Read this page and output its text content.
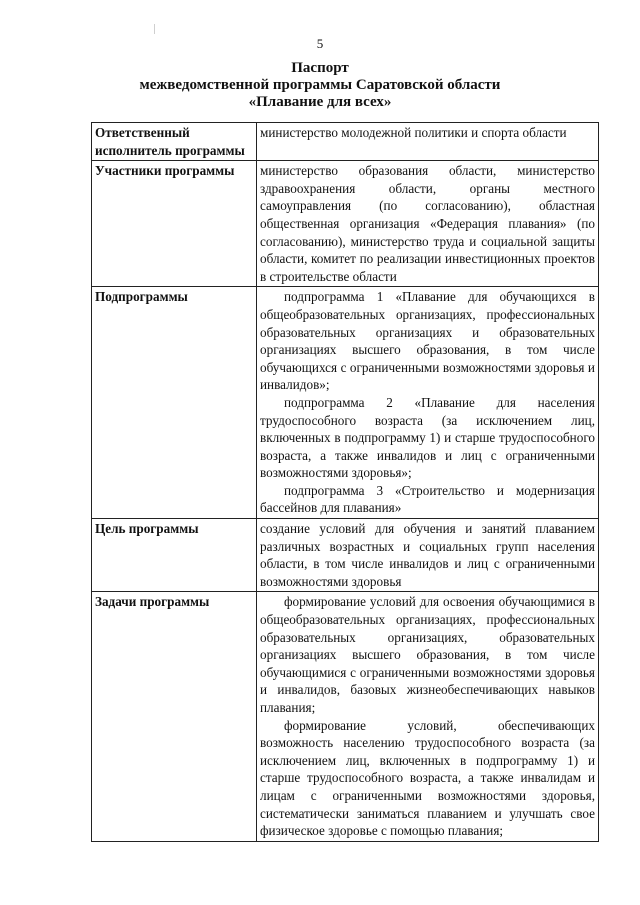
5
Паспорт
межведомственной программы Саратовской области
«Плавание для всех»
Ответственный исполнитель программы	министерство молодежной политики и спорта области

Участники программы	министерство образования области, министерство здравоохранения области, органы местного самоуправления (по согласованию), областная общественная организация «Федерация плавания» (по согласованию), министерство труда и социальной защиты области, комитет по реализации инвестиционных проектов в строительстве области

Подпрограммы	подпрограмма 1 «Плавание для обучающихся в общеобразовательных организациях, профессиональных образовательных организациях и образовательных организациях высшего образования, в том числе обучающихся с ограниченными возможностями здоровья и инвалидов»;

подпрограмма 2 «Плавание для населения трудоспособного возраста (за исключением лиц, включенных в подпрограмму 1) и старше трудоспособного возраста, а также инвалидов и лиц с ограниченными возможностями здоровья»;

подпрограмма 3 «Строительство и модернизация бассейнов для плавания»

Цель программы	создание условий для обучения и занятий плаванием различных возрастных и социальных групп населения области, в том числе инвалидов и лиц с ограниченными возможностями здоровья

Задачи программы	формирование условий для освоения обучающимися в общеобразовательных организациях, профессиональных образовательных организациях, образовательных организациях высшего образования, в том числе обучающимися с ограниченными возможностями здоровья и инвалидов, базовых жизнеобеспечивающих навыков плавания;

формирование условий, обеспечивающих возможность населению трудоспособного возраста (за исключением лиц, включенных в подпрограмму 1) и старше трудоспособного возраста, а также инвалидам и лицам с ограниченными возможностями здоровья, систематически заниматься плаванием и улучшать свое физическое здоровье с помощью плавания;
